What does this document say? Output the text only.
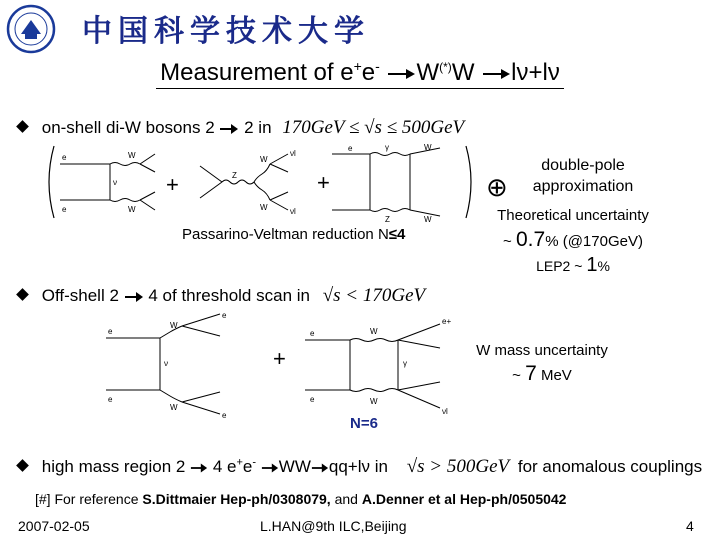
中国科学技术大学
Measurement of e+e- W(*)W lν+lν
on-shell di-W bosons 2 2 in 170GeV ≤ √s ≤ 500GeV
e
e
ν
W
W
Z
W
W
νl
νl
e	γ
Z
W
W
+	+	⊕
double-pole
approximation
Passarino-Veltman reduction N≤4
Theoretical uncertainty
~ 0.7% (@170GeV)
LEP2 ~ 1%
Off-shell 2 4 of threshold scan in √s < 170GeV
e
e
ν
W
W
e
e
e
e
W
W
γ
e+
νl
+	W mass uncertainty
~ 7 MeV
N=6
high mass region 2 4 e+e- WW qq+lν in √s > 500GeV for anomalous couplings
[#] For reference S.Dittmaier Hep-ph/0308079, and A.Denner et al Hep-ph/0505042
2007-02-05	L.HAN@9th ILC,Beijing	4
